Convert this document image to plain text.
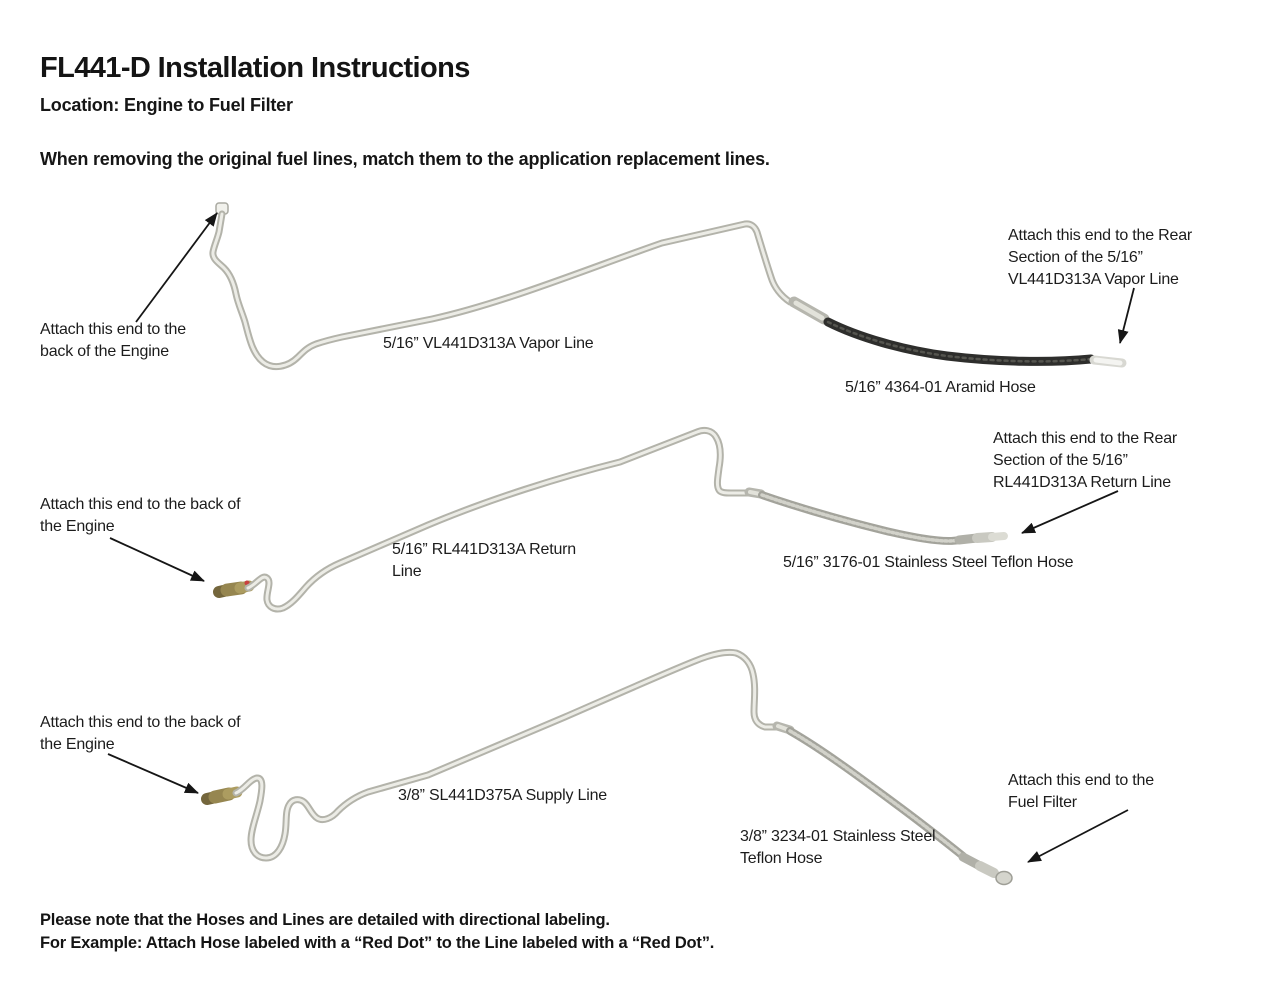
FL441-D Installation Instructions
Location: Engine to Fuel Filter
When removing the original fuel lines, match them to the application replacement lines.
Attach this end to the
back of the Engine	5/16” VL441D313A Vapor Line
Attach this end to the Rear
Section of the 5/16”
VL441D313A Vapor Line
5/16” 4364-01 Aramid Hose
Attach this end to the back of
the Engine
5/16” RL441D313A Return
Line
Attach this end to the Rear
Section of the 5/16”
RL441D313A Return Line
5/16” 3176-01 Stainless Steel Teflon Hose
Attach this end to the back of
the Engine
3/8” SL441D375A Supply Line
Attach this end to the
Fuel Filter
3/8” 3234-01 Stainless Steel
Teflon Hose
Please note that the Hoses and Lines are detailed with directional labeling.
For Example: Attach Hose labeled with a “Red Dot” to the Line labeled with a “Red Dot”.
